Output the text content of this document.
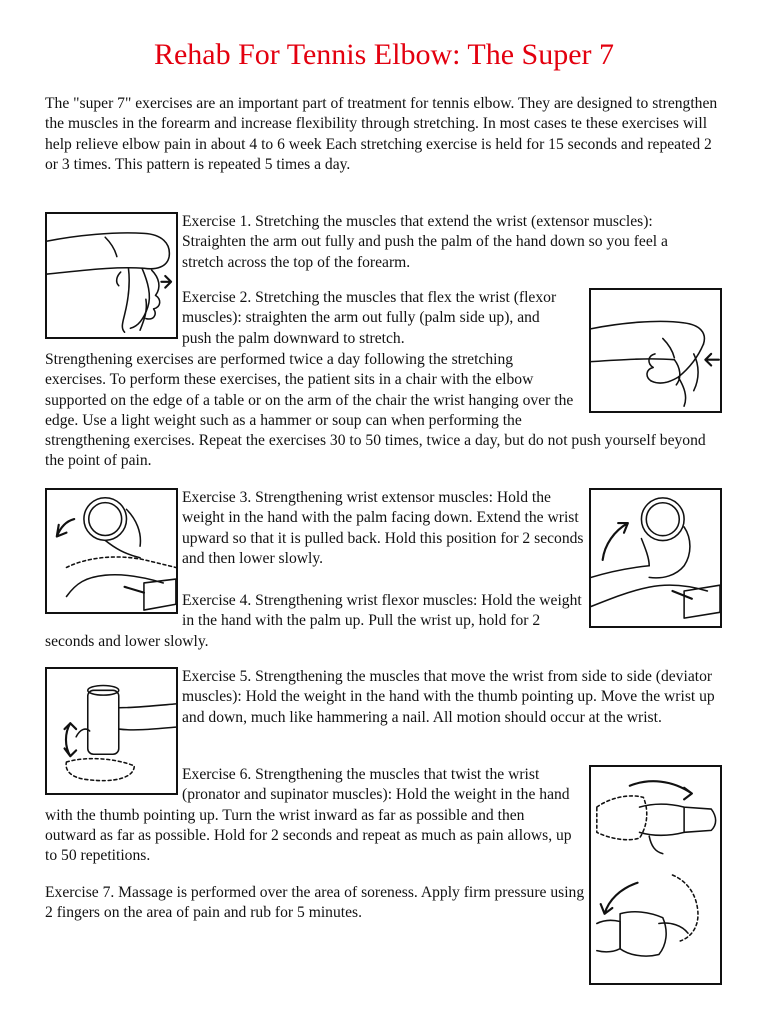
Rehab For Tennis Elbow: The Super 7

The "super 7" exercises are an important part of treatment for tennis elbow. They are designed to strengthen the muscles in the forearm and increase flexibility through stretching. In most cases te these exercises will help relieve elbow pain in about 4 to 6 week Each stretching exercise is held for 15 seconds and repeated 2 or 3 times. This pattern is repeated 5 times a day.

Exercise 1. Stretching the muscles that extend the wrist (extensor muscles): Straighten the arm out fully and push the palm of the hand down so you feel a stretch across the top of the forearm.

Exercise 2. Stretching the muscles that flex the wrist (flexor muscles): straighten the arm out fully (palm side up), and push the palm downward to stretch.

Strengthening exercises are performed twice a day following the stretching exercises. To perform these exercises, the patient sits in a chair with the elbow supported on the edge of a table or on the arm of the chair the wrist hanging over the edge. Use a light weight such as a hammer or soup can when performing the strengthening exercises. Repeat the exercises 30 to 50 times, twice a day, but do not push yourself beyond the point of pain.

Exercise 3. Strengthening wrist extensor muscles: Hold the weight in the hand with the palm facing down. Extend the wrist upward so that it is pulled back. Hold this position for 2 seconds and then lower slowly.

Exercise 4. Strengthening wrist flexor muscles: Hold the weight in the hand with the palm up. Pull the wrist up, hold for 2 seconds and lower slowly.

Exercise 5. Strengthening the muscles that move the wrist from side to side (deviator muscles): Hold the weight in the hand with the thumb pointing up. Move the wrist up and down, much like hammering a nail. All motion should occur at the wrist.

Exercise 6. Strengthening the muscles that twist the wrist (pronator and supinator muscles): Hold the weight in the hand with the thumb pointing up. Turn the wrist inward as far as possible and then outward as far as possible. Hold for 2 seconds and repeat as much as pain allows, up to 50 repetitions.

Exercise 7. Massage is performed over the area of soreness. Apply firm pressure using 2 fingers on the area of pain and rub for 5 minutes.
